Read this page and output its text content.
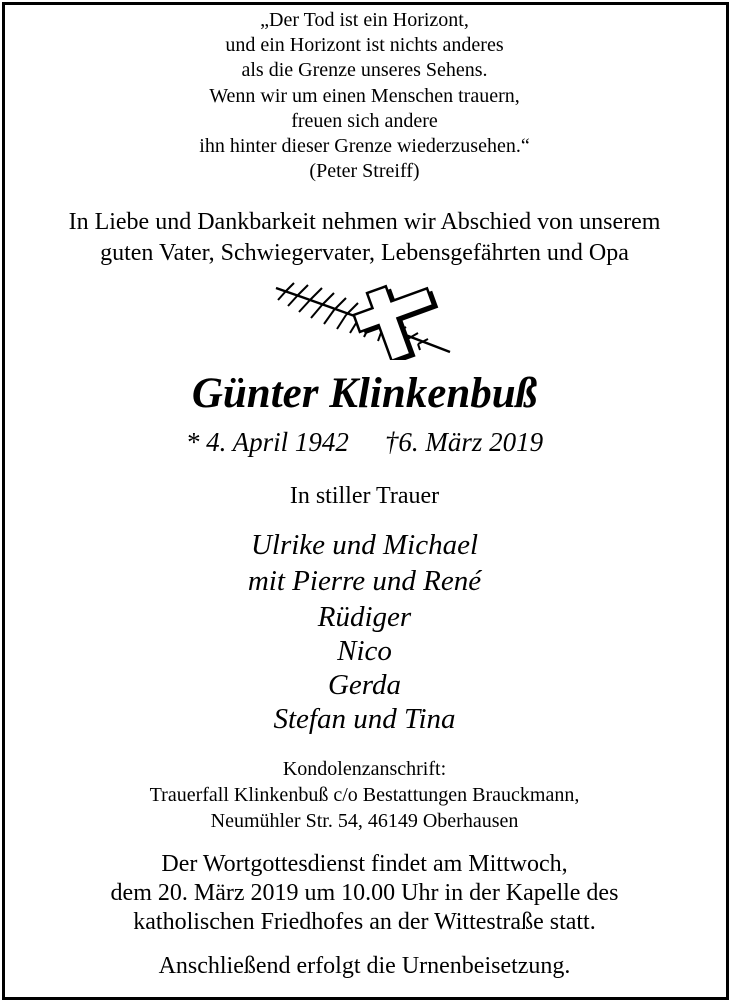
„Der Tod ist ein Horizont,
und ein Horizont ist nichts anderes
als die Grenze unseres Sehens.
Wenn wir um einen Menschen trauern,
freuen sich andere
ihn hinter dieser Grenze wiederzusehen.“
(Peter Streiff)
In Liebe und Dankbarkeit nehmen wir Abschied von unserem
guten Vater, Schwiegervater, Lebensgefährten und Opa
Günter Klinkenbuß
* 4. April 1942 †6. März 2019
In stiller Trauer
Ulrike und Michael
mit Pierre und René
Rüdiger
Nico
Gerda
Stefan und Tina
Kondolenzanschrift:
Trauerfall Klinkenbuß c/o Bestattungen Brauckmann,
Neumühler Str. 54, 46149 Oberhausen
Der Wortgottesdienst findet am Mittwoch,
dem 20. März 2019 um 10.00 Uhr in der Kapelle des
katholischen Friedhofes an der Wittestraße statt.
Anschließend erfolgt die Urnenbeisetzung.
